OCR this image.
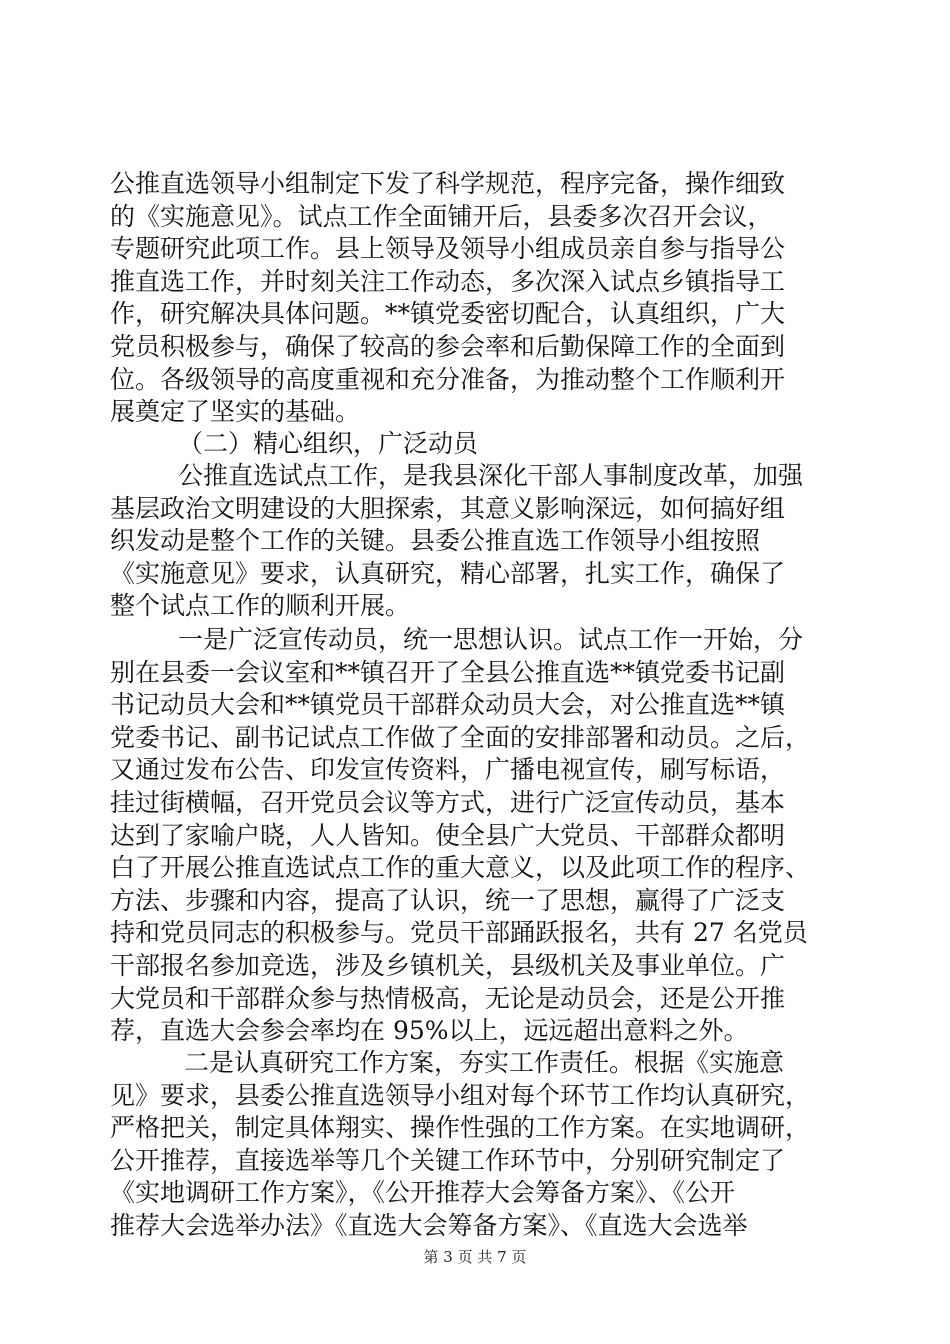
公推直选领导小组制定下发了科学规范，程序完备，操作细致
的《实施意见》。试点工作全面铺开后，县委多次召开会议，
专题研究此项工作。县上领导及领导小组成员亲自参与指导公
推直选工作，并时刻关注工作动态，多次深入试点乡镇指导工
作，研究解决具体问题。**镇党委密切配合，认真组织，广大
党员积极参与，确保了较高的参会率和后勤保障工作的全面到
位。各级领导的高度重视和充分准备，为推动整个工作顺利开
展奠定了坚实的基础。
（二）精心组织，广泛动员
公推直选试点工作，是我县深化干部人事制度改革，加强
基层政治文明建设的大胆探索，其意义影响深远，如何搞好组
织发动是整个工作的关键。县委公推直选工作领导小组按照
《实施意见》要求，认真研究，精心部署，扎实工作，确保了
整个试点工作的顺利开展。
一是广泛宣传动员，统一思想认识。试点工作一开始，分
别在县委一会议室和**镇召开了全县公推直选**镇党委书记副
书记动员大会和**镇党员干部群众动员大会，对公推直选**镇
党委书记、副书记试点工作做了全面的安排部署和动员。之后，
又通过发布公告、印发宣传资料，广播电视宣传，刷写标语，
挂过街横幅，召开党员会议等方式，进行广泛宣传动员，基本
达到了家喻户晓，人人皆知。使全县广大党员、干部群众都明
白了开展公推直选试点工作的重大意义，以及此项工作的程序、
方法、步骤和内容，提高了认识，统一了思想，赢得了广泛支
持和党员同志的积极参与。党员干部踊跃报名，共有 27 名党员
干部报名参加竞选，涉及乡镇机关，县级机关及事业单位。广
大党员和干部群众参与热情极高，无论是动员会，还是公开推
荐，直选大会参会率均在 95%以上，远远超出意料之外。
二是认真研究工作方案，夯实工作责任。根据《实施意
见》要求，县委公推直选领导小组对每个环节工作均认真研究，
严格把关，制定具体翔实、操作性强的工作方案。在实地调研，
公开推荐，直接选举等几个关键工作环节中，分别研究制定了
《实地调研工作方案》，《公开推荐大会筹备方案》、《公开
推荐大会选举办法》《直选大会筹备方案》、《直选大会选举
第 3 页 共 7 页
